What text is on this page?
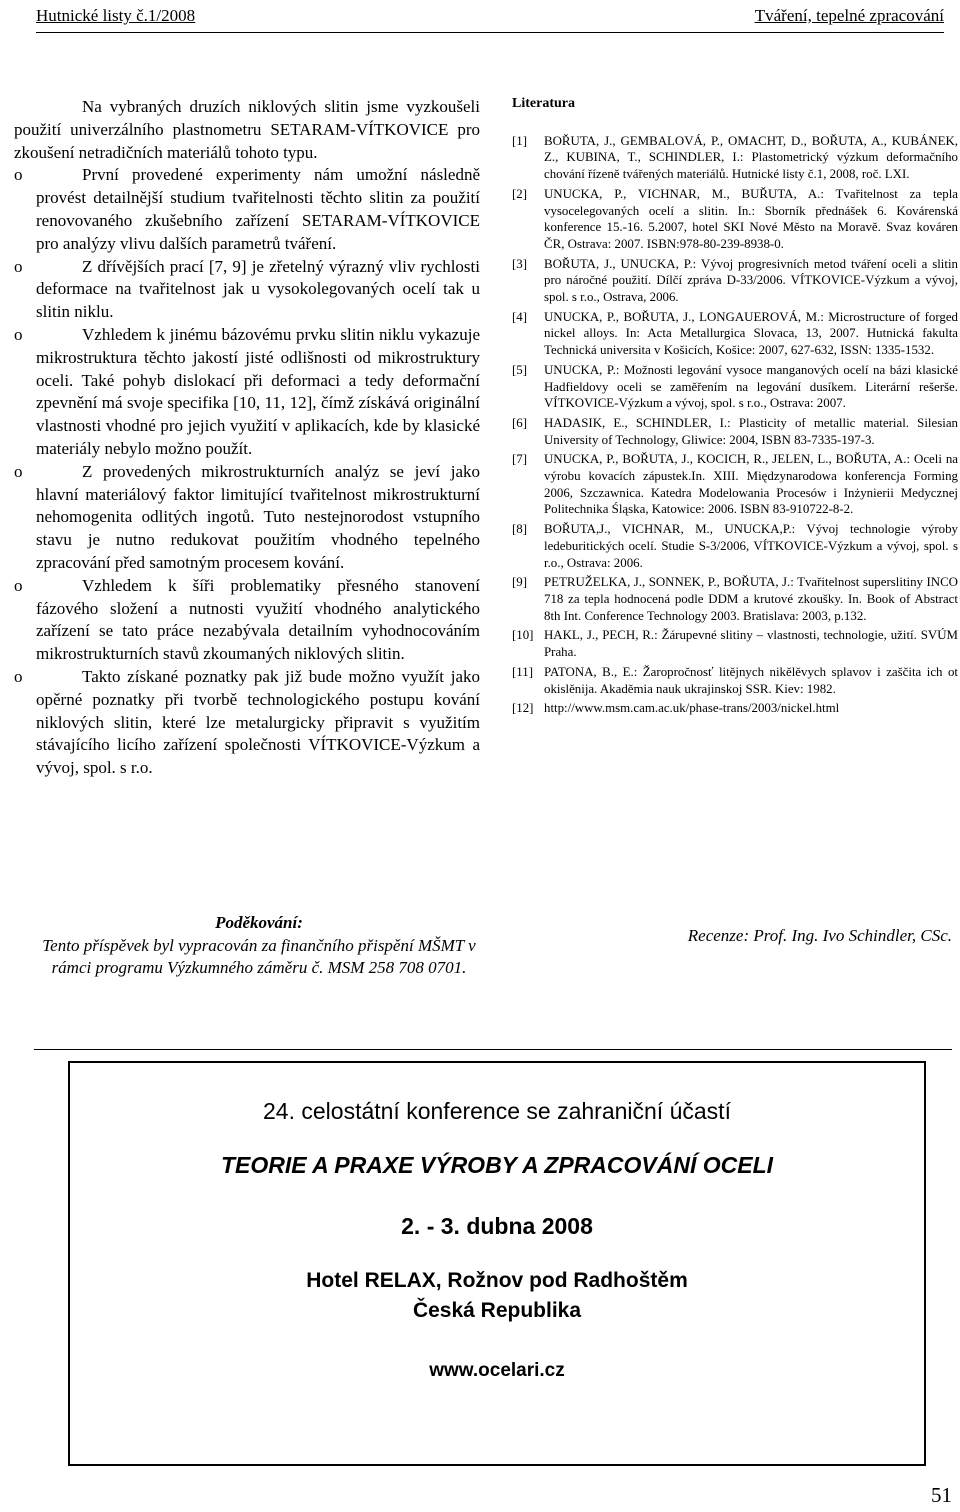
Hutnické listy č.1/2008	Tváření, tepelné zpracování

Na vybraných druzích niklových slitin jsme vyzkoušeli použití univerzálního plastnometru SETARAM-VÍTKOVICE pro zkoušení netradičních materiálů tohoto typu.

o	První provedené experimenty nám umožní následně provést detailnější studium tvařitelnosti těchto slitin za použití renovovaného zkušebního zařízení SETARAM-VÍTKOVICE pro analýzy vlivu dalších parametrů tváření.
o	Z dřívějších prací [7, 9] je zřetelný výrazný vliv rychlosti deformace na tvařitelnost jak u vysokolegovaných ocelí tak u slitin niklu.
o	Vzhledem k jinému bázovému prvku slitin niklu vykazuje mikrostruktura těchto jakostí jisté odlišnosti od mikrostruktury oceli. Také pohyb dislokací při deformaci a tedy deformační zpevnění má svoje specifika [10, 11, 12], čímž získává originální vlastnosti vhodné pro jejich využití v aplikacích, kde by klasické materiály nebylo možno použít.
o	Z provedených mikrostrukturních analýz se jeví jako hlavní materiálový faktor limitující tvařitelnost mikrostrukturní nehomogenita odlitých ingotů. Tuto nestejnorodost vstupního stavu je nutno redukovat použitím vhodného tepelného zpracování před samotným procesem kování.
o	Vzhledem k šíři problematiky přesného stanovení fázového složení a nutnosti využití vhodného analytického zařízení se tato práce nezabývala detailním vyhodnocováním mikrostrukturních stavů zkoumaných niklových slitin.
o	Takto získané poznatky pak již bude možno využít jako opěrné poznatky při tvorbě technologického postupu kování niklových slitin, které lze metalurgicky připravit s využitím stávajícího licího zařízení společnosti VÍTKOVICE-Výzkum a vývoj, spol. s r.o.
Poděkování:
Tento příspěvek byl vypracován za finančního přispění MŠMT v rámci programu Výzkumného záměru č. MSM 258 708 0701.
Literatura
[1]	BOŘUTA, J., GEMBALOVÁ, P., OMACHT, D., BOŘUTA, A., KUBÁNEK, Z., KUBINA, T., SCHINDLER, I.: Plastometrický výzkum deformačního chování řízeně tvářených materiálů. Hutnické listy č.1, 2008, roč. LXI.
[2]	UNUCKA, P., VICHNAR, M., BUŘUTA, A.: Tvařitelnost za tepla vysocelegovaných ocelí a slitin. In.: Sborník přednášek 6. Kovárenská konference 15.-16. 5.2007, hotel SKI Nové Město na Moravě. Svaz kováren ČR, Ostrava: 2007. ISBN:978-80-239-8938-0.
[3]	BOŘUTA, J., UNUCKA, P.: Vývoj progresivních metod tváření oceli a slitin pro náročné použití. Dílčí zpráva D-33/2006. VÍTKOVICE-Výzkum a vývoj, spol. s r.o., Ostrava, 2006.
[4]	UNUCKA, P., BOŘUTA, J., LONGAUEROVÁ, M.: Microstructure of forged nickel alloys. In: Acta Metallurgica Slovaca, 13, 2007. Hutnická fakulta Technická universita v Košicích, Košice: 2007, 627-632, ISSN: 1335-1532.
[5]	UNUCKA, P.: Možnosti legování vysoce manganových ocelí na bázi klasické Hadfieldovy oceli se zaměřením na legování dusíkem. Literární rešerše. VÍTKOVICE-Výzkum a vývoj, spol. s r.o., Ostrava: 2007.
[6]	HADASIK, E., SCHINDLER, I.: Plasticity of metallic material. Silesian University of Technology, Gliwice: 2004, ISBN 83-7335-197-3.
[7]	UNUCKA, P., BOŘUTA, J., KOCICH, R., JELEN, L., BOŘUTA, A.: Oceli na výrobu kovacích zápustek.In. XIII. Międzynarodowa konferencja Forming 2006, Szczawnica. Katedra Modelowania Procesów i Inżynierii Medycznej Politechnika Śląska, Katowice: 2006. ISBN 83-910722-8-2.
[8]	BOŘUTA,J., VICHNAR, M., UNUCKA,P.: Vývoj technologie výroby ledeburitických ocelí. Studie S-3/2006, VÍTKOVICE-Výzkum a vývoj, spol. s r.o., Ostrava: 2006.
[9]	PETRUŽELKA, J., SONNEK, P., BOŘUTA, J.: Tvařitelnost superslitiny INCO 718 za tepla hodnocená podle DDM a krutové zkoušky. In. Book of Abstract 8th Int. Conference Technology 2003. Bratislava: 2003, p.132.
[10] HAKL, J., PECH, R.: Žárupevné slitiny – vlastnosti, technologie, užití. SVÚM Praha.
[11] PATONA, B., E.: Žaropročnosť litějnych nikělěvych splavov i zaščita ich ot okislěnija. Akaděmia nauk ukrajinskoj SSR. Kiev: 1982.
[12] http://www.msm.cam.ac.uk/phase-trans/2003/nickel.html
Recenze: Prof. Ing. Ivo Schindler, CSc.
24. celostátní konference se zahraniční účastí
TEORIE A PRAXE VÝROBY A ZPRACOVÁNÍ OCELI
2. - 3. dubna 2008
Hotel RELAX, Rožnov pod Radhoštěm
Česká Republika
www.ocelari.cz
51
